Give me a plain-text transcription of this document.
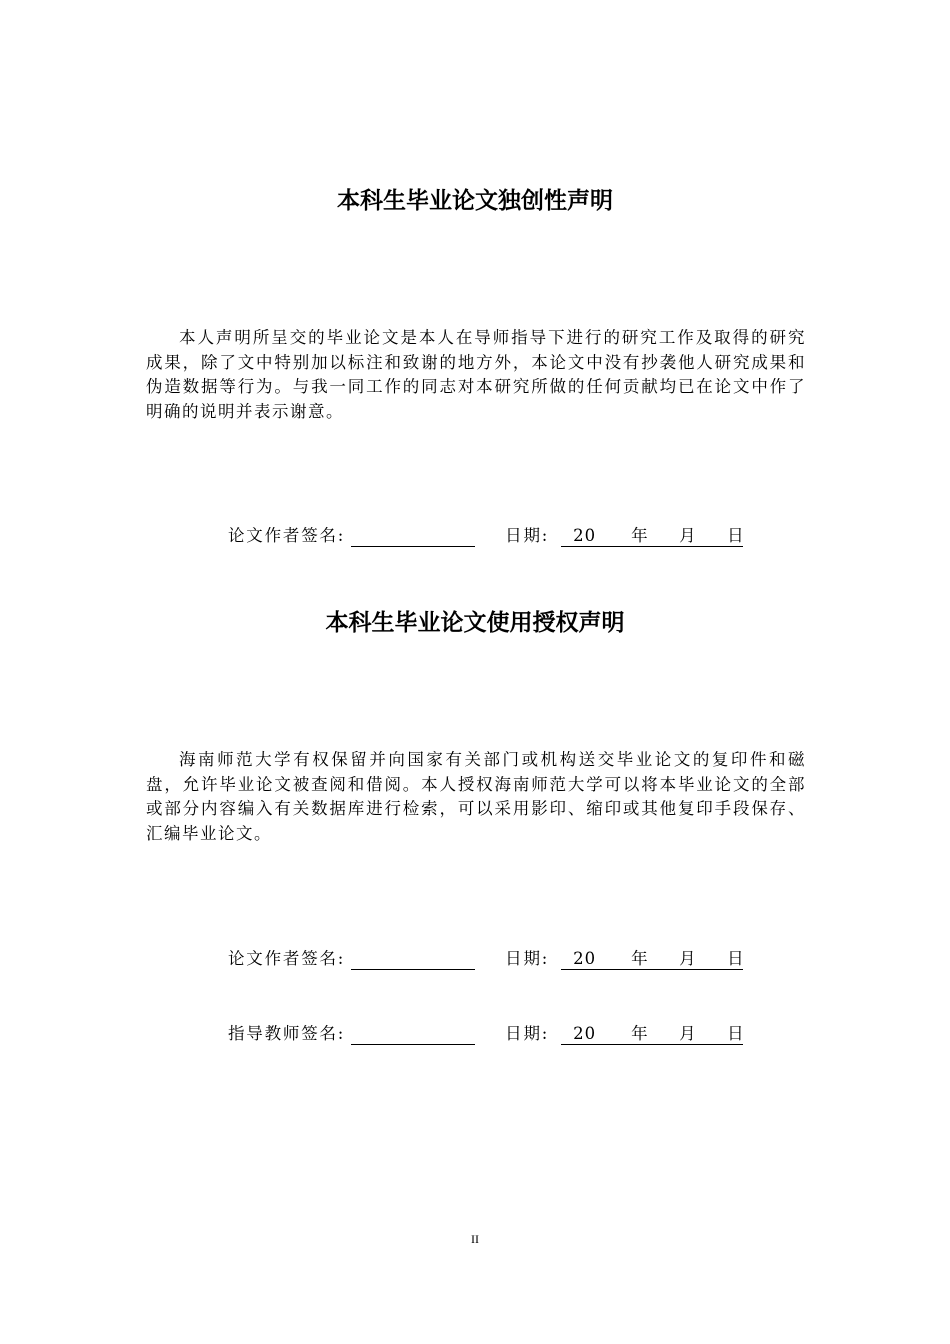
本科生毕业论文独创性声明

本人声明所呈交的毕业论文是本人在导师指导下进行的研究工作及取得的研究成果，除了文中特别加以标注和致谢的地方外，本论文中没有抄袭他人研究成果和伪造数据等行为。与我一同工作的同志对本研究所做的任何贡献均已在论文中作了明确的说明并表示谢意。

论文作者签名:	日期: 20 年 月 日
本科生毕业论文使用授权声明

海南师范大学有权保留并向国家有关部门或机构送交毕业论文的复印件和磁盘，允许毕业论文被查阅和借阅。本人授权海南师范大学可以将本毕业论文的全部或部分内容编入有关数据库进行检索，可以采用影印、缩印或其他复印手段保存、汇编毕业论文。

论文作者签名:	日期: 20 年 月 日
指导教师签名:	日期: 20 年 月 日
II
